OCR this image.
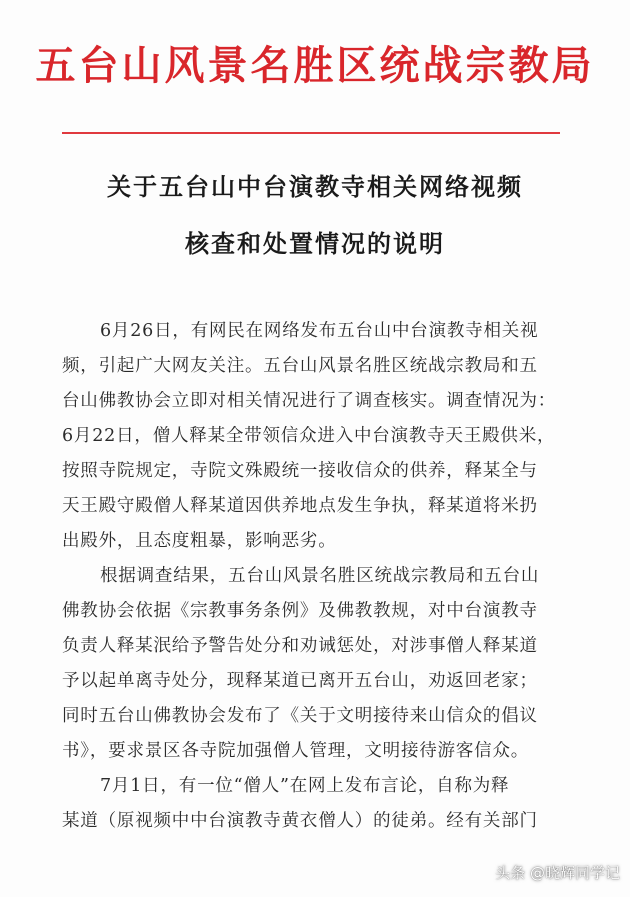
五台山风景名胜区统战宗教局
关于五台山中台演教寺相关网络视频
核查和处置情况的说明
6月26日，有网民在网络发布五台山中台演教寺相关视
频，引起广大网友关注。五台山风景名胜区统战宗教局和五
台山佛教协会立即对相关情况进行了调查核实。调查情况为：
6月22日，僧人释某全带领信众进入中台演教寺天王殿供米，
按照寺院规定，寺院文殊殿统一接收信众的供养，释某全与
天王殿守殿僧人释某道因供养地点发生争执，释某道将米扔
出殿外，且态度粗暴，影响恶劣。
根据调查结果，五台山风景名胜区统战宗教局和五台山
佛教协会依据《宗教事务条例》及佛教教规，对中台演教寺
负责人释某泯给予警告处分和劝诫惩处，对涉事僧人释某道
予以起单离寺处分，现释某道已离开五台山，劝返回老家；
同时五台山佛教协会发布了《关于文明接待来山信众的倡议
书》，要求景区各寺院加强僧人管理，文明接待游客信众。
7月1日，有一位“僧人”在网上发布言论，自称为释
某道（原视频中中台演教寺黄衣僧人）的徒弟。经有关部门
头条 @晓辉同学记
